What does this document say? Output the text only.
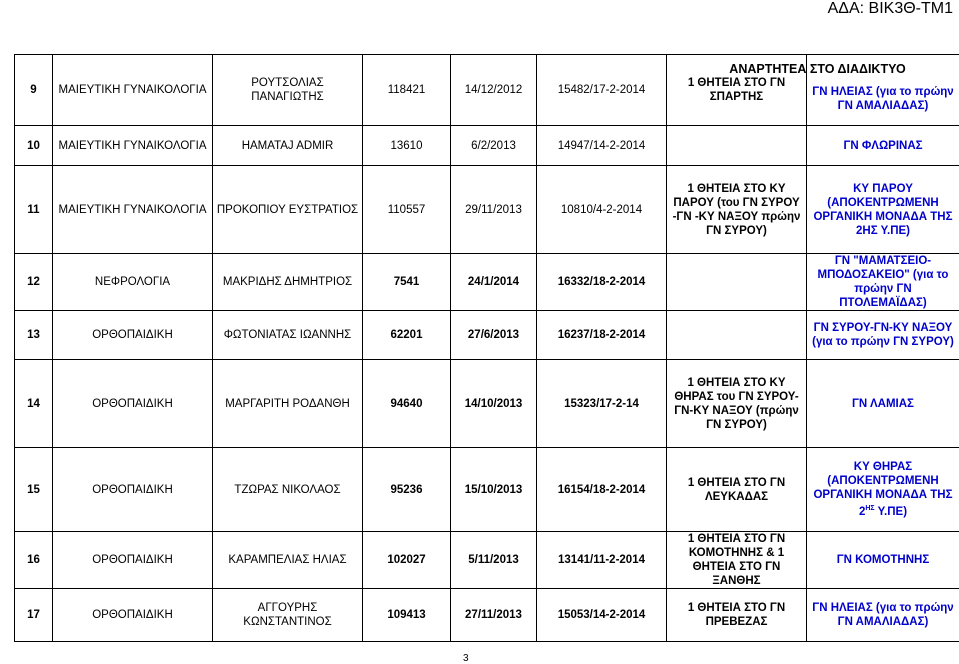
ΑΔΑ: ΒΙΚ3Θ-ΤΜ1
9	ΜΑΙΕΥΤΙΚΗ ΓΥΝΑΙΚΟΛΟΓΙΑ	ΡΟΥΤΣΟΛΙΑΣ ΠΑΝΑΓΙΩΤΗΣ	118421	14/12/2012	15482/17-2-2014	1 ΘΗΤΕΙΑ ΣΤΟ ΓΝ ΣΠΑΡΤΗΣ	ΓΝ ΗΛΕΙΑΣ (για το πρώην ΓΝ ΑΜΑΛΙΑΔΑΣ)
10	ΜΑΙΕΥΤΙΚΗ ΓΥΝΑΙΚΟΛΟΓΙΑ	HAMATAJ ADMIR	13610	6/2/2013	14947/14-2-2014		ΓΝ ΦΛΩΡΙΝΑΣ
11	ΜΑΙΕΥΤΙΚΗ ΓΥΝΑΙΚΟΛΟΓΙΑ	ΠΡΟΚΟΠΙΟΥ ΕΥΣΤΡΑΤΙΟΣ	110557	29/11/2013	10810/4-2-2014	1 ΘΗΤΕΙΑ ΣΤΟ ΚΥ ΠΑΡΟΥ (του ΓΝ ΣΥΡΟΥ -ΓΝ -ΚΥ ΝΑΞΟΥ πρώην ΓΝ ΣΥΡΟΥ)	ΚΥ ΠΑΡΟΥ (ΑΠΟΚΕΝΤΡΩΜΕΝΗ ΟΡΓΑΝΙΚΗ ΜΟΝΑΔΑ ΤΗΣ 2ΗΣ Υ.ΠΕ)
12	ΝΕΦΡΟΛΟΓΙΑ	ΜΑΚΡΙΔΗΣ ΔΗΜΗΤΡΙΟΣ	7541	24/1/2014	16332/18-2-2014		ΓΝ "ΜΑΜΑΤΣΕΙΟ-ΜΠΟΔΟΣΑΚΕΙΟ" (για το πρώην ΓΝ ΠΤΟΛΕΜΑΪΔΑΣ)
13	ΟΡΘΟΠΑΙΔΙΚΗ	ΦΩΤΟΝΙΑΤΑΣ ΙΩΑΝΝΗΣ	62201	27/6/2013	16237/18-2-2014		ΓΝ ΣΥΡΟΥ-ΓΝ-ΚΥ ΝΑΞΟΥ (για το πρώην ΓΝ ΣΥΡΟΥ)
14	ΟΡΘΟΠΑΙΔΙΚΗ	ΜΑΡΓΑΡΙΤΗ ΡΟΔΑΝΘΗ	94640	14/10/2013	15323/17-2-14	1 ΘΗΤΕΙΑ ΣΤΟ ΚΥ ΘΗΡΑΣ του ΓΝ ΣΥΡΟΥ-ΓΝ-ΚΥ ΝΑΞΟΥ (πρώην ΓΝ ΣΥΡΟΥ)	ΓΝ ΛΑΜΙΑΣ
15	ΟΡΘΟΠΑΙΔΙΚΗ	ΤΖΩΡΑΣ ΝΙΚΟΛΑΟΣ	95236	15/10/2013	16154/18-2-2014	1 ΘΗΤΕΙΑ ΣΤΟ ΓΝ ΛΕΥΚΑΔΑΣ	ΚΥ ΘΗΡΑΣ (ΑΠΟΚΕΝΤΡΩΜΕΝΗ ΟΡΓΑΝΙΚΗ ΜΟΝΑΔΑ ΤΗΣ $2^{H\Sigma}$ Υ.ΠΕ)
16	ΟΡΘΟΠΑΙΔΙΚΗ	ΚΑΡΑΜΠΕΛΙΑΣ ΗΛΙΑΣ	102027	5/11/2013	13141/11-2-2014	1 ΘΗΤΕΙΑ ΣΤΟ ΓΝ ΚΟΜΟΤΗΝΗΣ & 1 ΘΗΤΕΙΑ ΣΤΟ ΓΝ ΞΑΝΘΗΣ	ΓΝ ΚΟΜΟΤΗΝΗΣ
17	ΟΡΘΟΠΑΙΔΙΚΗ	ΑΓΓΟΥΡΗΣ ΚΩΝΣΤΑΝΤΙΝΟΣ	109413	27/11/2013	15053/14-2-2014	1 ΘΗΤΕΙΑ ΣΤΟ ΓΝ ΠΡΕΒΕΖΑΣ	ΓΝ ΗΛΕΙΑΣ (για το πρώην ΓΝ ΑΜΑΛΙΑΔΑΣ)
ΑΝΑΡΤΗΤΕΑ ΣΤΟ ΔΙΑΔΙΚΤΥΟ
3
